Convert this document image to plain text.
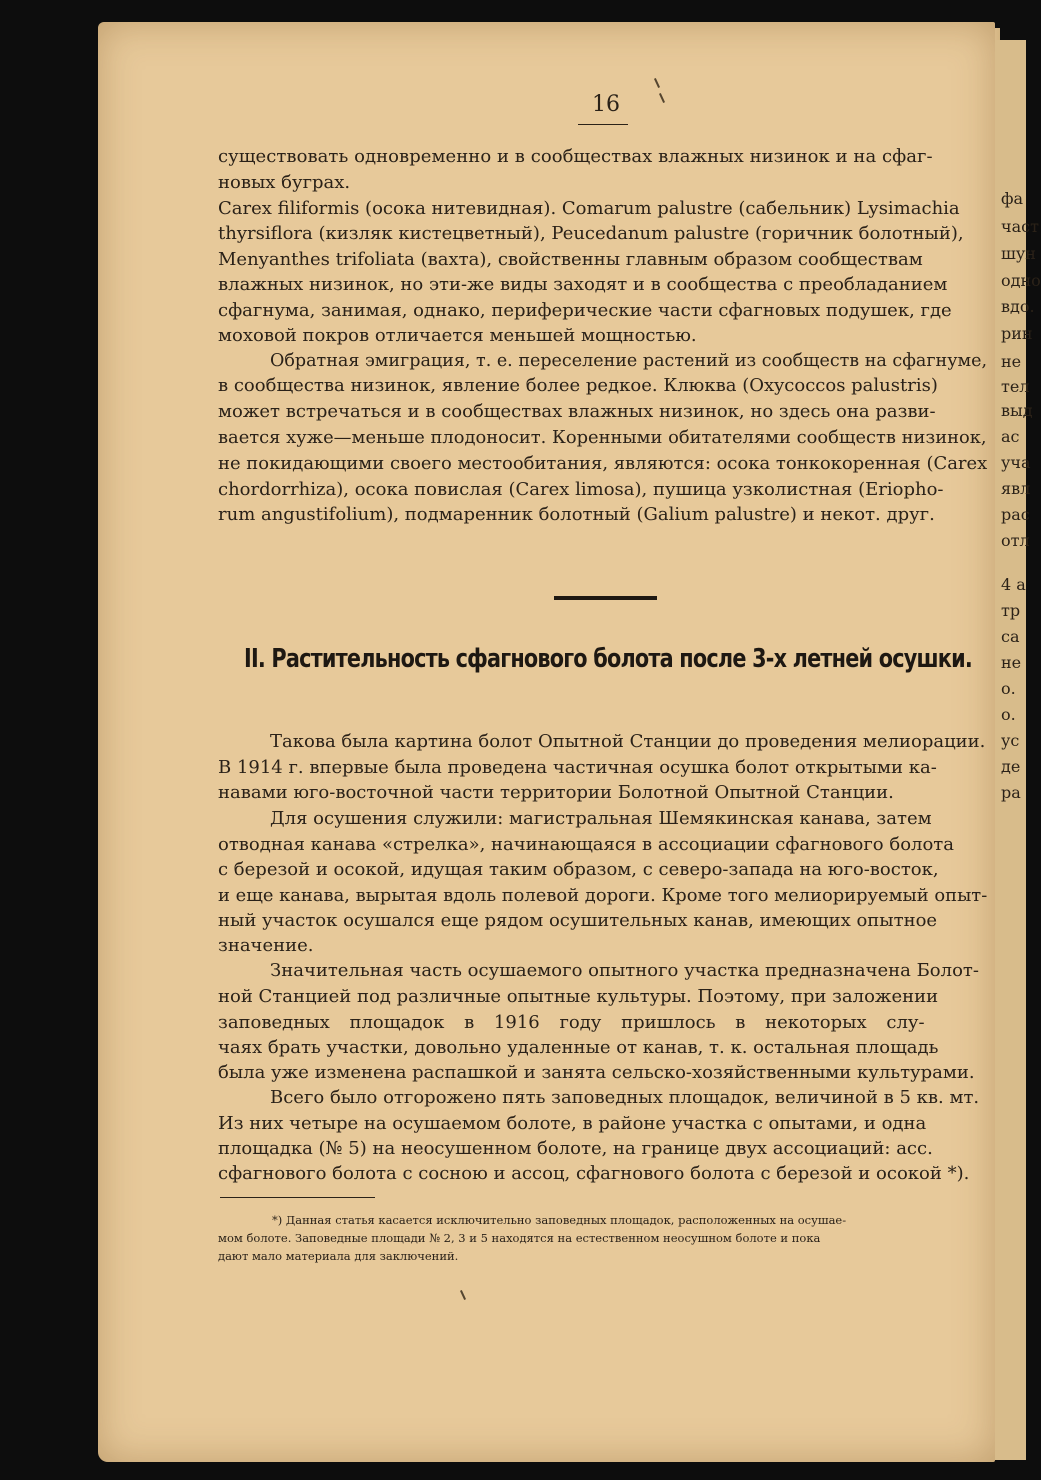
фа
част
шун
одно
вдо.
рин
не
тел
выд
ас
уча
явл
рас
отл
4 а
тр
са
не
о.
о.
ус
де
ра
16
существовать одновременно и в сообществах влажных низинок и на сфаг-
новых буграх.
Carex filiformis (осока нитевидная). Comarum palustre (сабельник) Lysimachia
thyrsiflora (кизляк кистецветный), Peucedanum palustre (горичник болотный),
Menyanthes trifoliata (вахта), свойственны главным образом сообществам
влажных низинок, но эти-же виды заходят и в сообщества с преобладанием
сфагнума, занимая, однако, периферические части сфагновых подушек, где
моховой покров отличается меньшей мощностью.
Обратная эмиграция, т. е. переселение растений из сообществ на сфагнуме,
в сообщества низинок, явление более редкое. Клюква (Oxycoccos palustris)
может встречаться и в сообществах влажных низинок, но здесь она разви-
вается хуже—меньше плодоносит. Коренными обитателями сообществ низинок,
не покидающими своего местообитания, являются: осока тонкокоренная (Carex
chordorrhiza), осока повислая (Carex limosa), пушица узколистная (Eriopho-
rum angustifolium), подмаренник болотный (Galium palustre) и некот. друг.
II. Растительность сфагнового болота после 3-х летней осушки.
Такова была картина болот Опытной Станции до проведения мелиорации.
В 1914 г. впервые была проведена частичная осушка болот открытыми ка-
навами юго-восточной части территории Болотной Опытной Станции.
Для осушения служили: магистральная Шемякинская канава, затем
отводная канава «стрелка», начинающаяся в ассоциации сфагнового болота
с березой и осокой, идущая таким образом, с северо-запада на юго-восток,
и еще канава, вырытая вдоль полевой дороги. Кроме того мелиорируемый опыт-
ный участок осушался еще рядом осушительных канав, имеющих опытное
значение.
Значительная часть осушаемого опытного участка предназначена Болот-
ной Станцией под различные опытные культуры. Поэтому, при заложении
заповедных площадок в 1916 году пришлось в некоторых слу-
чаях брать участки, довольно удаленные от канав, т. к. остальная площадь
была уже изменена распашкой и занята сельско-хозяйственными культурами.
Всего было отгорожено пять заповедных площадок, величиной в 5 кв. мт.
Из них четыре на осушаемом болоте, в районе участка с опытами, и одна
площадка (№ 5) на неосушенном болоте, на границе двух ассоциаций: асс.
сфагнового болота с сосною и ассоц, сфагнового болота с березой и осокой *).
*) Данная статья касается исключительно заповедных площадок, расположенных на осушае-
мом болоте. Заповедные площади № 2, 3 и 5 находятся на естественном неосушном болоте и пока
дают мало материала для заключений.
